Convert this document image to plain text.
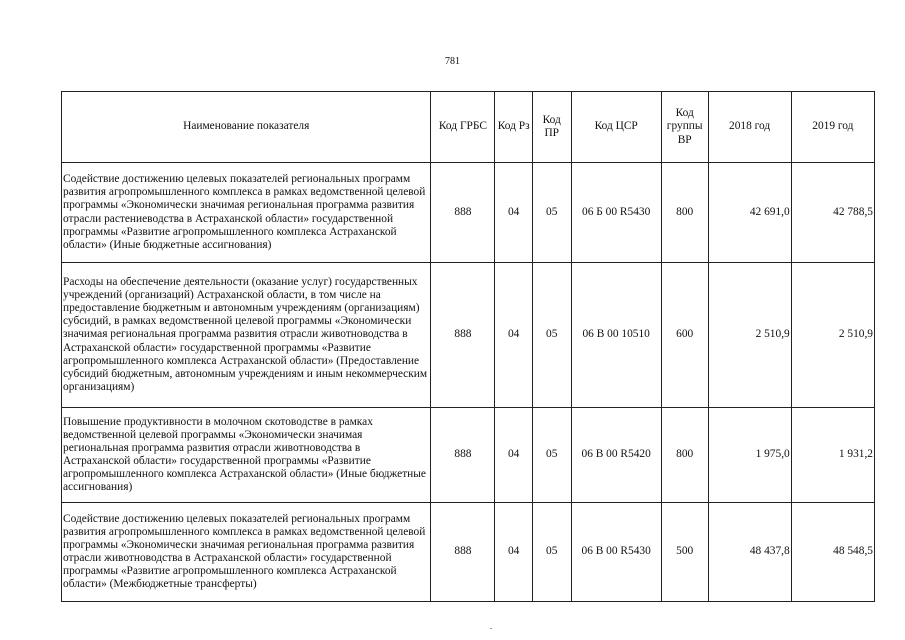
781
Наименование показателя	Код ГРБС	Код Рз	Код ПР	Код ЦСР	Код группы ВР	2018 год	2019 год
Содействие достижению целевых показателей региональных программ развития агропромышленного комплекса в рамках ведомственной целевой программы «Экономически значимая региональная программа развития отрасли растениеводства в Астраханской области» государственной программы «Развитие агропромышленного комплекса Астраханской области» (Иные бюджетные ассигнования)	888	04	05	06 Б 00 R5430	800	42 691,0	42 788,5
Расходы на обеспечение деятельности (оказание услуг) государственных учреждений (организаций) Астраханской области, в том числе на предоставление бюджетным и автономным учреждениям (организациям) субсидий, в рамках ведомственной целевой программы «Экономически значимая региональная программа развития отрасли животноводства в Астраханской области» государственной программы «Развитие агропромышленного комплекса Астраханской области» (Предоставление субсидий бюджетным, автономным учреждениям и иным некоммерческим организациям)	888	04	05	06 В 00 10510	600	2 510,9	2 510,9
Повышение продуктивности в молочном скотоводстве в рамках ведомственной целевой программы «Экономически значимая региональная программа развития отрасли животноводства в Астраханской области» государственной программы «Развитие агропромышленного комплекса Астраханской области» (Иные бюджетные ассигнования)	888	04	05	06 В 00 R5420	800	1 975,0	1 931,2
Содействие достижению целевых показателей региональных программ развития агропромышленного комплекса в рамках ведомственной целевой программы «Экономически значимая региональная программа развития отрасли животноводства в Астраханской области» государственной программы «Развитие агропромышленного комплекса Астраханской области» (Межбюджетные трансферты)	888	04	05	06 В 00 R5430	500	48 437,8	48 548,5
